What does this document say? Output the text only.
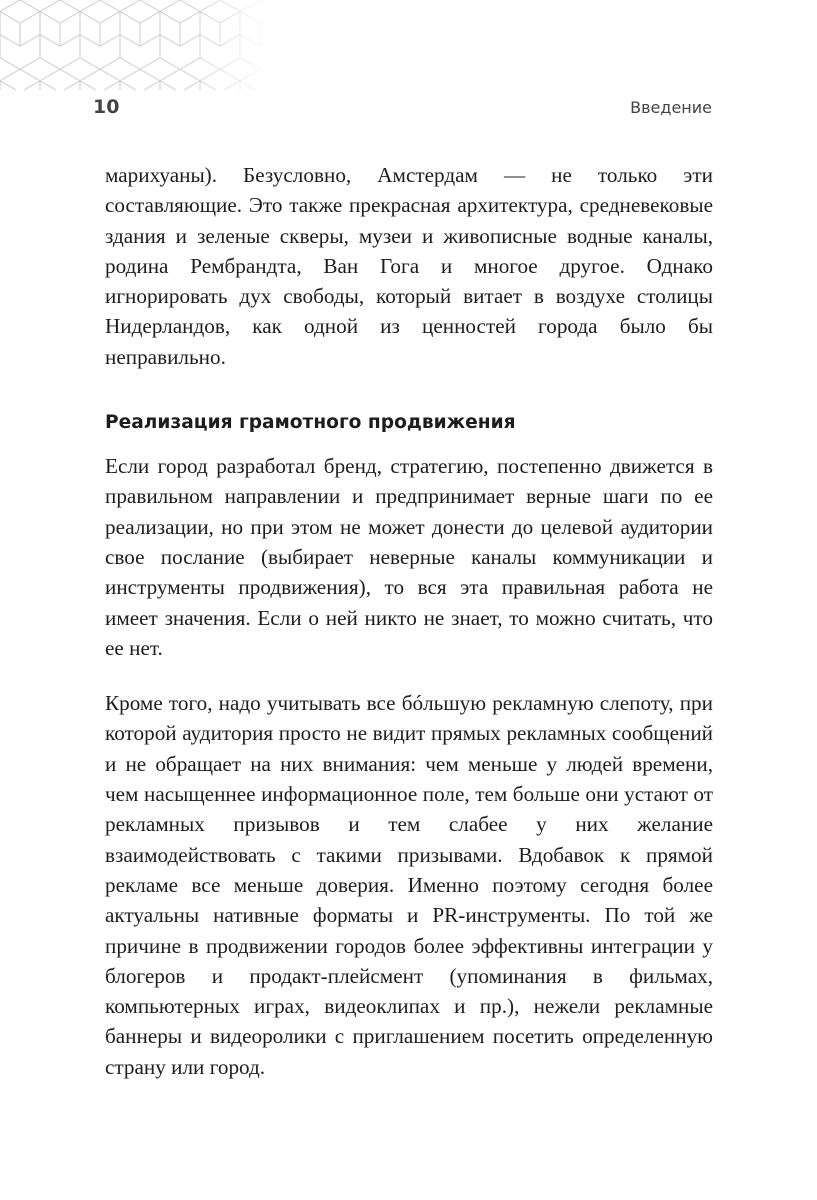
10	Введение

марихуаны). Безусловно, Амстердам — не только эти составляющие. Это также прекрасная архитектура, средневековые здания и зеленые скверы, музеи и живописные водные каналы, родина Рембрандта, Ван Гога и многое другое. Однако игнорировать дух свободы, который витает в воздухе столицы Нидерландов, как одной из ценностей города было бы неправильно.

Реализация грамотного продвижения

Если город разработал бренд, стратегию, постепенно движется в правильном направлении и предпринимает верные шаги по ее реализации, но при этом не может донести до целевой аудитории свое послание (выбирает неверные каналы коммуникации и инструменты продвижения), то вся эта правильная работа не имеет значения. Если о ней никто не знает, то можно считать, что ее нет.

Кроме того, надо учитывать все бóльшую рекламную слепоту, при которой аудитория просто не видит прямых рекламных сообщений и не обращает на них внимания: чем меньше у людей времени, чем насыщеннее информационное поле, тем больше они устают от рекламных призывов и тем слабее у них желание взаимодействовать с такими призывами. Вдобавок к прямой рекламе все меньше доверия. Именно поэтому сегодня более актуальны нативные форматы и PR-инструменты. По той же причине в продвижении городов более эффективны интеграции у блогеров и продакт-плейсмент (упоминания в фильмах, компьютерных играх, видеоклипах и пр.), нежели рекламные баннеры и видеоролики с приглашением посетить определенную страну или город.
